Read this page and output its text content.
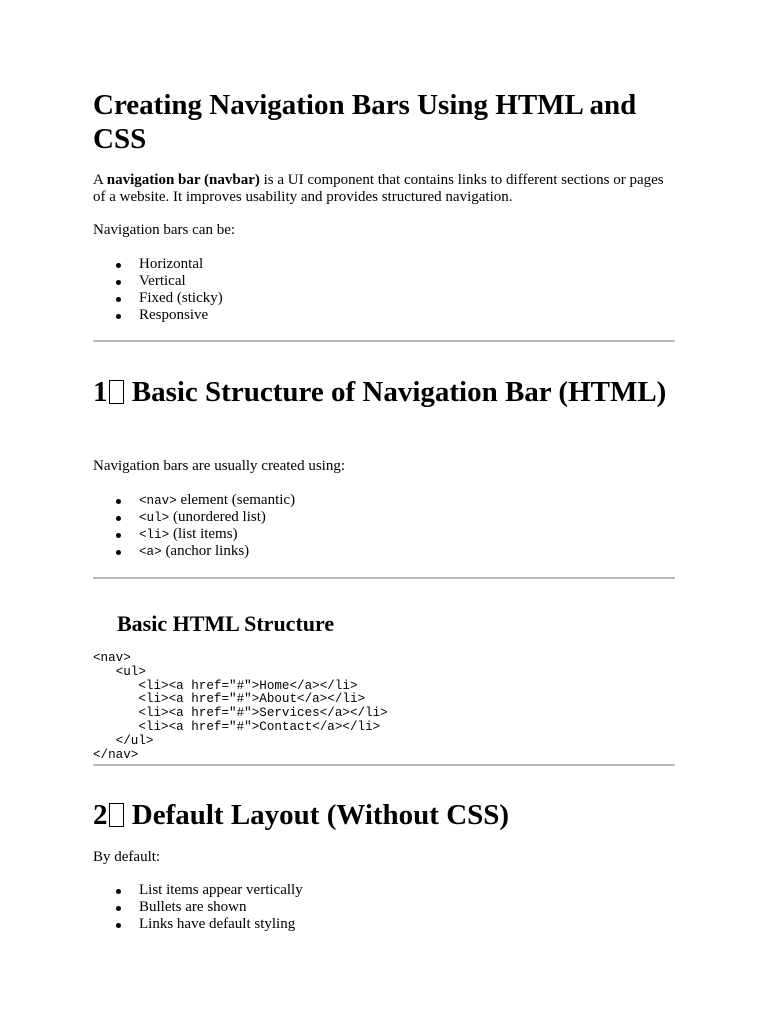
Creating Navigation Bars Using HTML and CSS

A navigation bar (navbar) is a UI component that contains links to different sections or pages of a website. It improves usability and provides structured navigation.

Navigation bars can be:

Horizontal
Vertical
Fixed (sticky)
Responsive
1 Basic Structure of Navigation Bar (HTML)

Navigation bars are usually created using:

<nav> element (semantic)
<ul> (unordered list)
<li> (list items)
<a> (anchor links)
Basic HTML Structure
<nav>
<ul>
<li><a href="#">Home</a></li>
<li><a href="#">About</a></li>
<li><a href="#">Services</a></li>
<li><a href="#">Contact</a></li>
</ul>
</nav>
2 Default Layout (Without CSS)

By default:

List items appear vertically
Bullets are shown
Links have default styling
